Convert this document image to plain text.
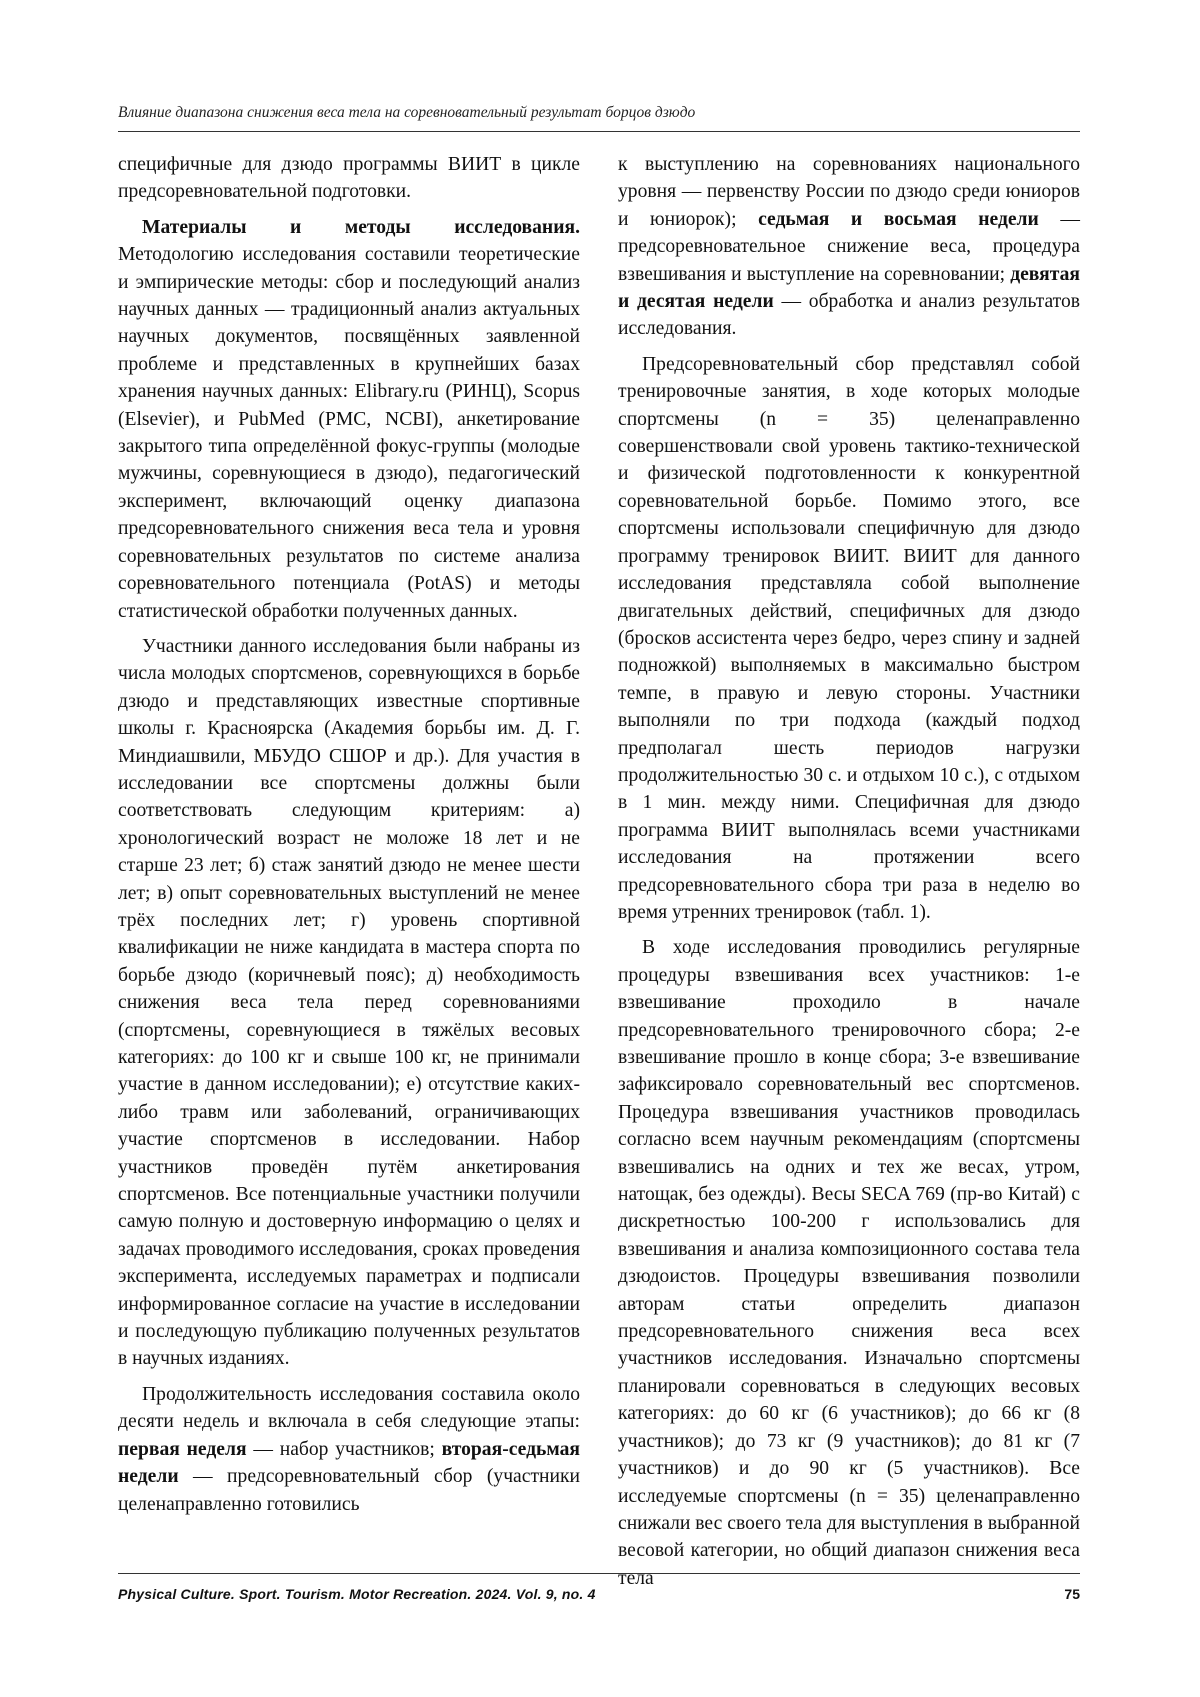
Влияние диапазона снижения веса тела на соревновательный результат борцов дзюдо

специфичные для дзюдо программы ВИИТ в цикле предсоревновательной подготовки.

Материалы и методы исследования. Методологию исследования составили теоретические и эмпирические методы: сбор и последующий анализ научных данных — традиционный анализ актуальных научных документов, посвящённых заявленной проблеме и представленных в крупнейших базах хранения научных данных: Elibrary.ru (РИНЦ), Scopus (Elsevier), и PubMed (PMC, NCBI), анкетирование закрытого типа определённой фокус-группы (молодые мужчины, соревнующиеся в дзюдо), педагогический эксперимент, включающий оценку диапазона предсоревновательного снижения веса тела и уровня соревновательных результатов по системе анализа соревновательного потенциала (PotAS) и методы статистической обработки полученных данных.

Участники данного исследования были набраны из числа молодых спортсменов, соревнующихся в борьбе дзюдо и представляющих известные спортивные школы г. Красноярска (Академия борьбы им. Д. Г. Миндиашвили, МБУДО СШОР и др.). Для участия в исследовании все спортсмены должны были соответствовать следующим критериям: а) хронологический возраст не моложе 18 лет и не старше 23 лет; б) стаж занятий дзюдо не менее шести лет; в) опыт соревновательных выступлений не менее трёх последних лет; г) уровень спортивной квалификации не ниже кандидата в мастера спорта по борьбе дзюдо (коричневый пояс); д) необходимость снижения веса тела перед соревнованиями (спортсмены, соревнующиеся в тяжёлых весовых категориях: до 100 кг и свыше 100 кг, не принимали участие в данном исследовании); е) отсутствие каких-либо травм или заболеваний, ограничивающих участие спортсменов в исследовании. Набор участников проведён путём анкетирования спортсменов. Все потенциальные участники получили самую полную и достоверную информацию о целях и задачах проводимого исследования, сроках проведения эксперимента, исследуемых параметрах и подписали информированное согласие на участие в исследовании и последующую публикацию полученных результатов в научных изданиях.

Продолжительность исследования составила около десяти недель и включала в себя следующие этапы: первая неделя — набор участников; вторая-седьмая недели — предсоревновательный сбор (участники целенаправленно готовились

к выступлению на соревнованиях национального уровня — первенству России по дзюдо среди юниоров и юниорок); седьмая и восьмая недели — предсоревновательное снижение веса, процедура взвешивания и выступление на соревновании; девятая и десятая недели — обработка и анализ результатов исследования.

Предсоревновательный сбор представлял собой тренировочные занятия, в ходе которых молодые спортсмены (n = 35) целенаправленно совершенствовали свой уровень тактико-технической и физической подготовленности к конкурентной соревновательной борьбе. Помимо этого, все спортсмены использовали специфичную для дзюдо программу тренировок ВИИТ. ВИИТ для данного исследования представляла собой выполнение двигательных действий, специфичных для дзюдо (бросков ассистента через бедро, через спину и задней подножкой) выполняемых в максимально быстром темпе, в правую и левую стороны. Участники выполняли по три подхода (каждый подход предполагал шесть периодов нагрузки продолжительностью 30 с. и отдыхом 10 с.), с отдыхом в 1 мин. между ними. Специфичная для дзюдо программа ВИИТ выполнялась всеми участниками исследования на протяжении всего предсоревновательного сбора три раза в неделю во время утренних тренировок (табл. 1).

В ходе исследования проводились регулярные процедуры взвешивания всех участников: 1-е взвешивание проходило в начале предсоревновательного тренировочного сбора; 2-е взвешивание прошло в конце сбора; 3-е взвешивание зафиксировало соревновательный вес спортсменов. Процедура взвешивания участников проводилась согласно всем научным рекомендациям (спортсмены взвешивались на одних и тех же весах, утром, натощак, без одежды). Весы SECA 769 (пр-во Китай) с дискретностью 100-200 г использовались для взвешивания и анализа композиционного состава тела дзюдоистов. Процедуры взвешивания позволили авторам статьи определить диапазон предсоревновательного снижения веса всех участников исследования. Изначально спортсмены планировали соревноваться в следующих весовых категориях: до 60 кг (6 участников); до 66 кг (8 участников); до 73 кг (9 участников); до 81 кг (7 участников) и до 90 кг (5 участников). Все исследуемые спортсмены (n = 35) целенаправленно снижали вес своего тела для выступления в выбранной весовой категории, но общий диапазон снижения веса тела

Physical Culture. Sport. Tourism. Motor Recreation. 2024. Vol. 9, no. 4	75
